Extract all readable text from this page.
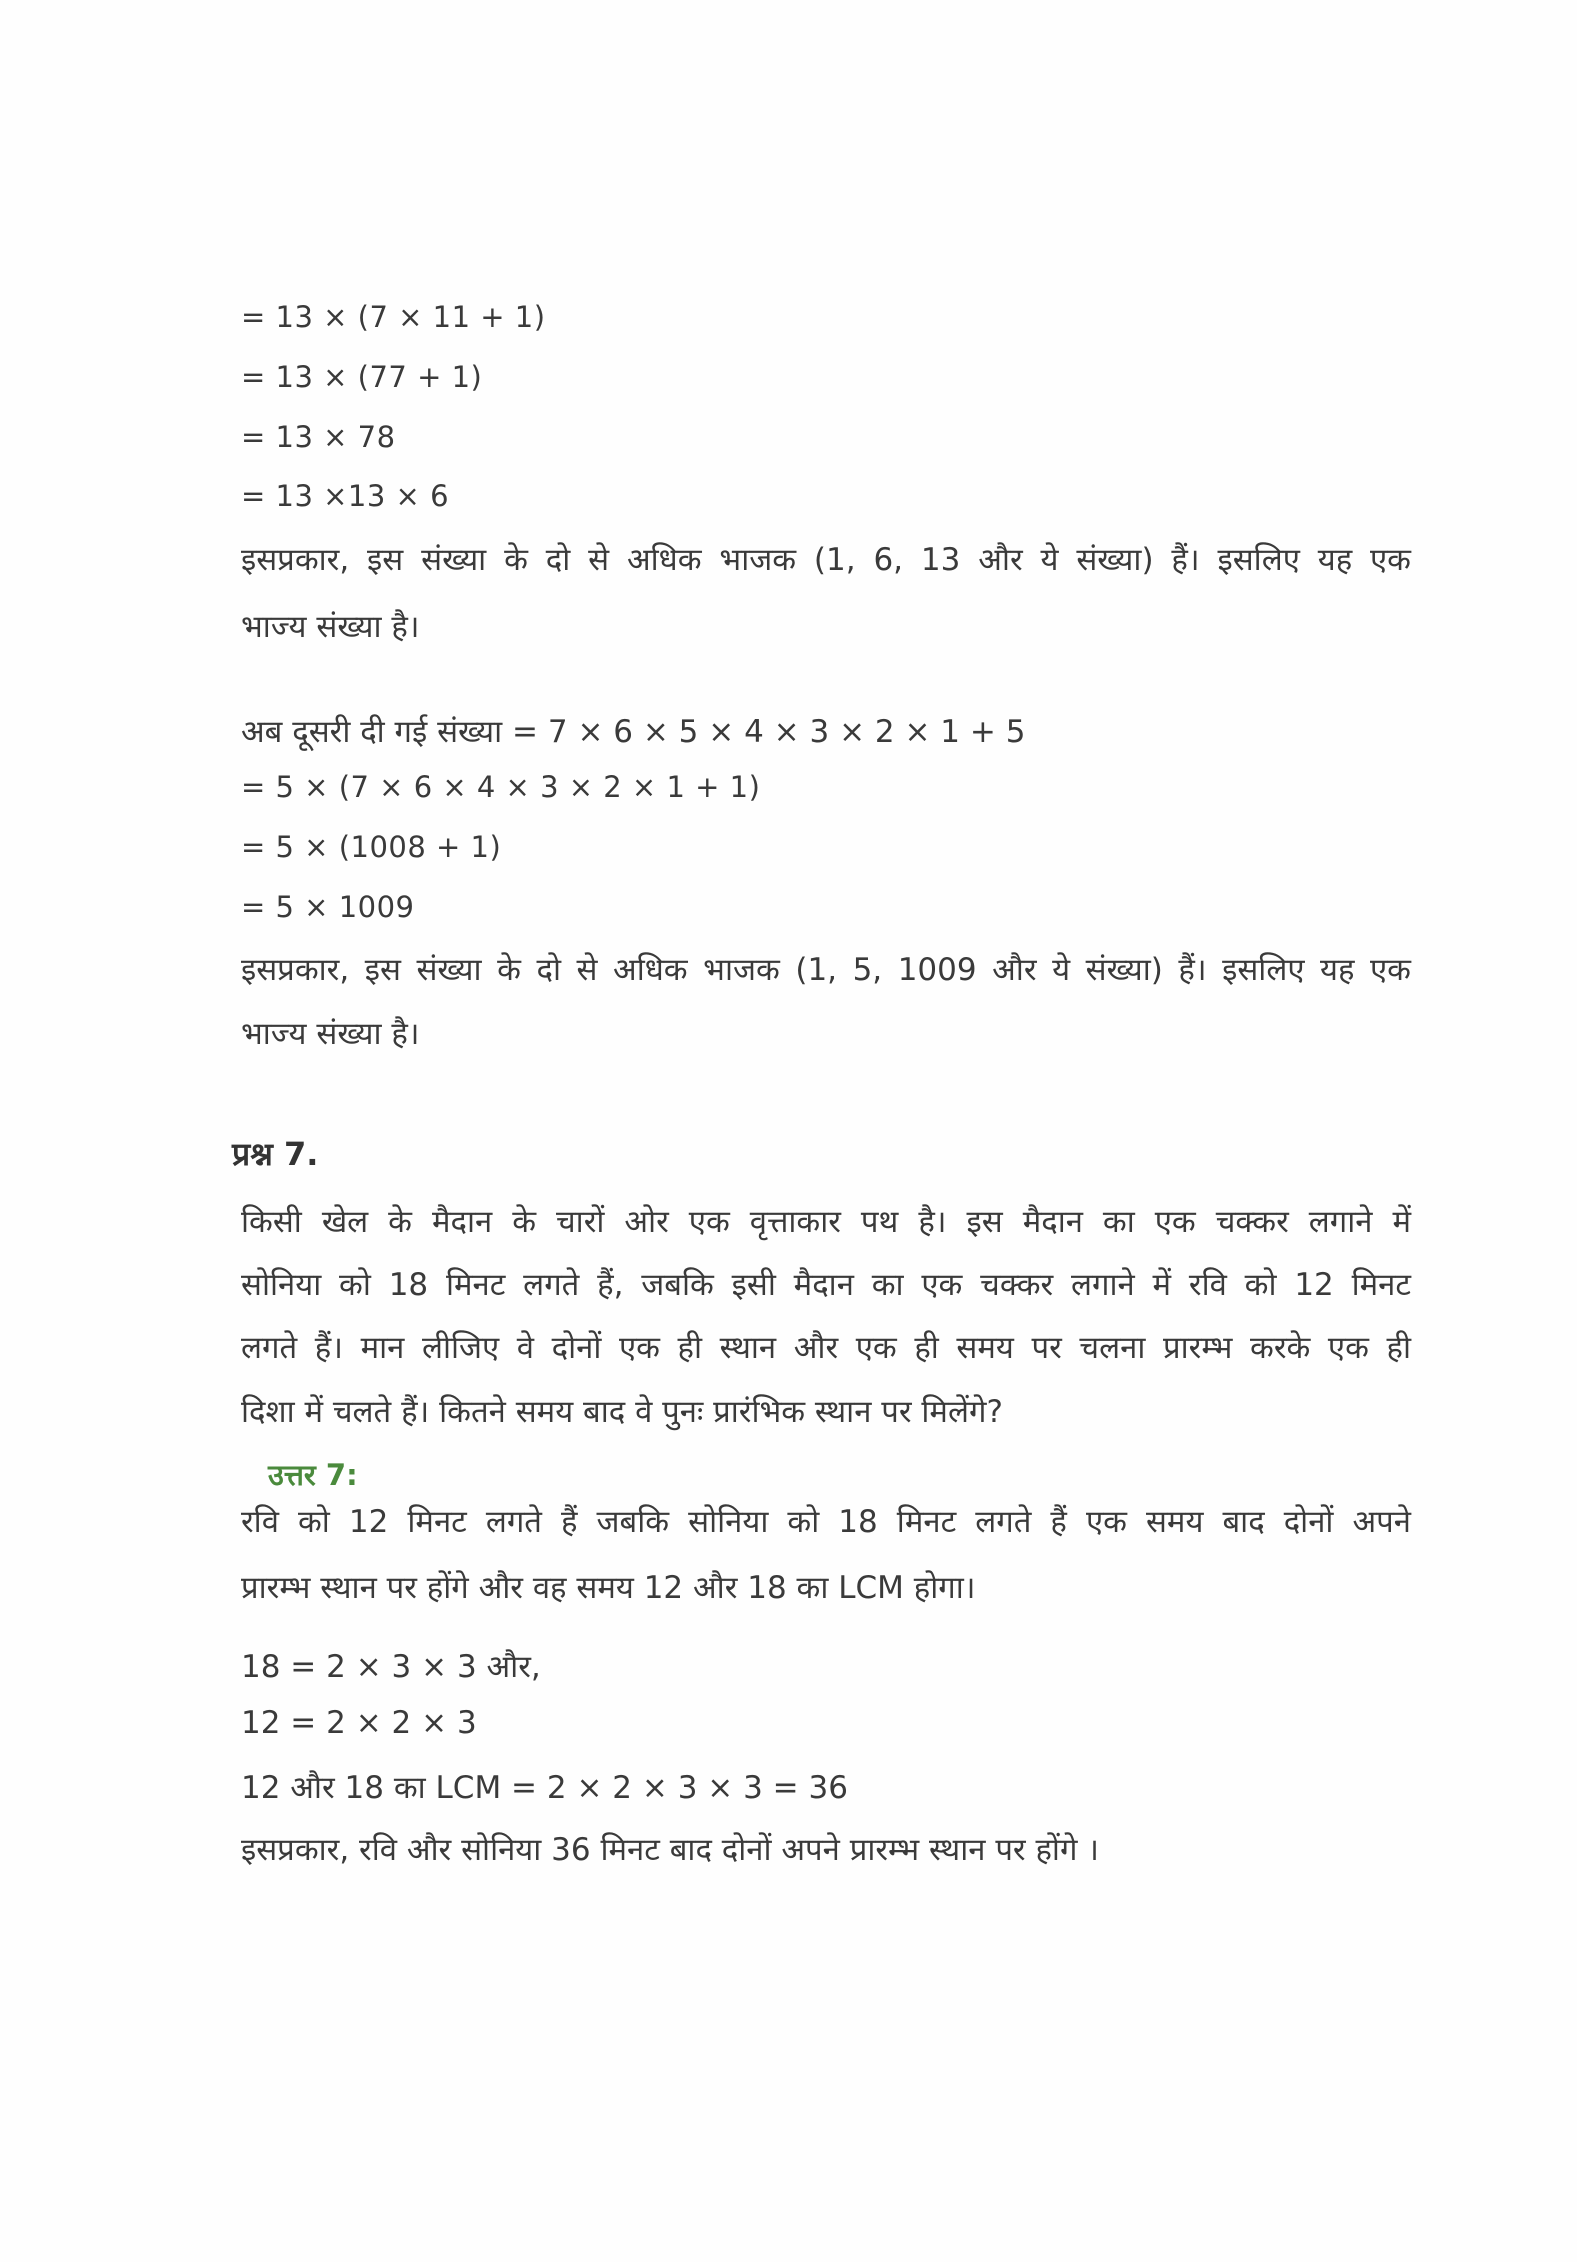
= 13 × (7 × 11 + 1)
= 13 × (77 + 1)
= 13 × 78
= 13 ×13 × 6
इसप्रकार, इस संख्या के दो से अधिक भाजक (1, 6, 13 और ये संख्या) हैं। इसलिए यह एक
भाज्य संख्या है।
अब दूसरी दी गई संख्या = 7 × 6 × 5 × 4 × 3 × 2 × 1 + 5
= 5 × (7 × 6 × 4 × 3 × 2 × 1 + 1)
= 5 × (1008 + 1)
= 5 × 1009
इसप्रकार, इस संख्या के दो से अधिक भाजक (1, 5, 1009 और ये संख्या) हैं। इसलिए यह एक
भाज्य संख्या है।
प्रश्न 7.
किसी खेल के मैदान के चारों ओर एक वृत्ताकार पथ है। इस मैदान का एक चक्कर लगाने में
सोनिया को 18 मिनट लगते हैं, जबकि इसी मैदान का एक चक्कर लगाने में रवि को 12 मिनट
लगते हैं। मान लीजिए वे दोनों एक ही स्थान और एक ही समय पर चलना प्रारम्भ करके एक ही
दिशा में चलते हैं। कितने समय बाद वे पुनः प्रारंभिक स्थान पर मिलेंगे?
उत्तर 7:
रवि को 12 मिनट लगते हैं जबकि सोनिया को 18 मिनट लगते हैं एक समय बाद दोनों अपने
प्रारम्भ स्थान पर होंगे और वह समय 12 और 18 का LCM होगा।
18 = 2 × 3 × 3 और,
12 = 2 × 2 × 3
12 और 18 का LCM = 2 × 2 × 3 × 3 = 36
इसप्रकार, रवि और सोनिया 36 मिनट बाद दोनों अपने प्रारम्भ स्थान पर होंगे ।
